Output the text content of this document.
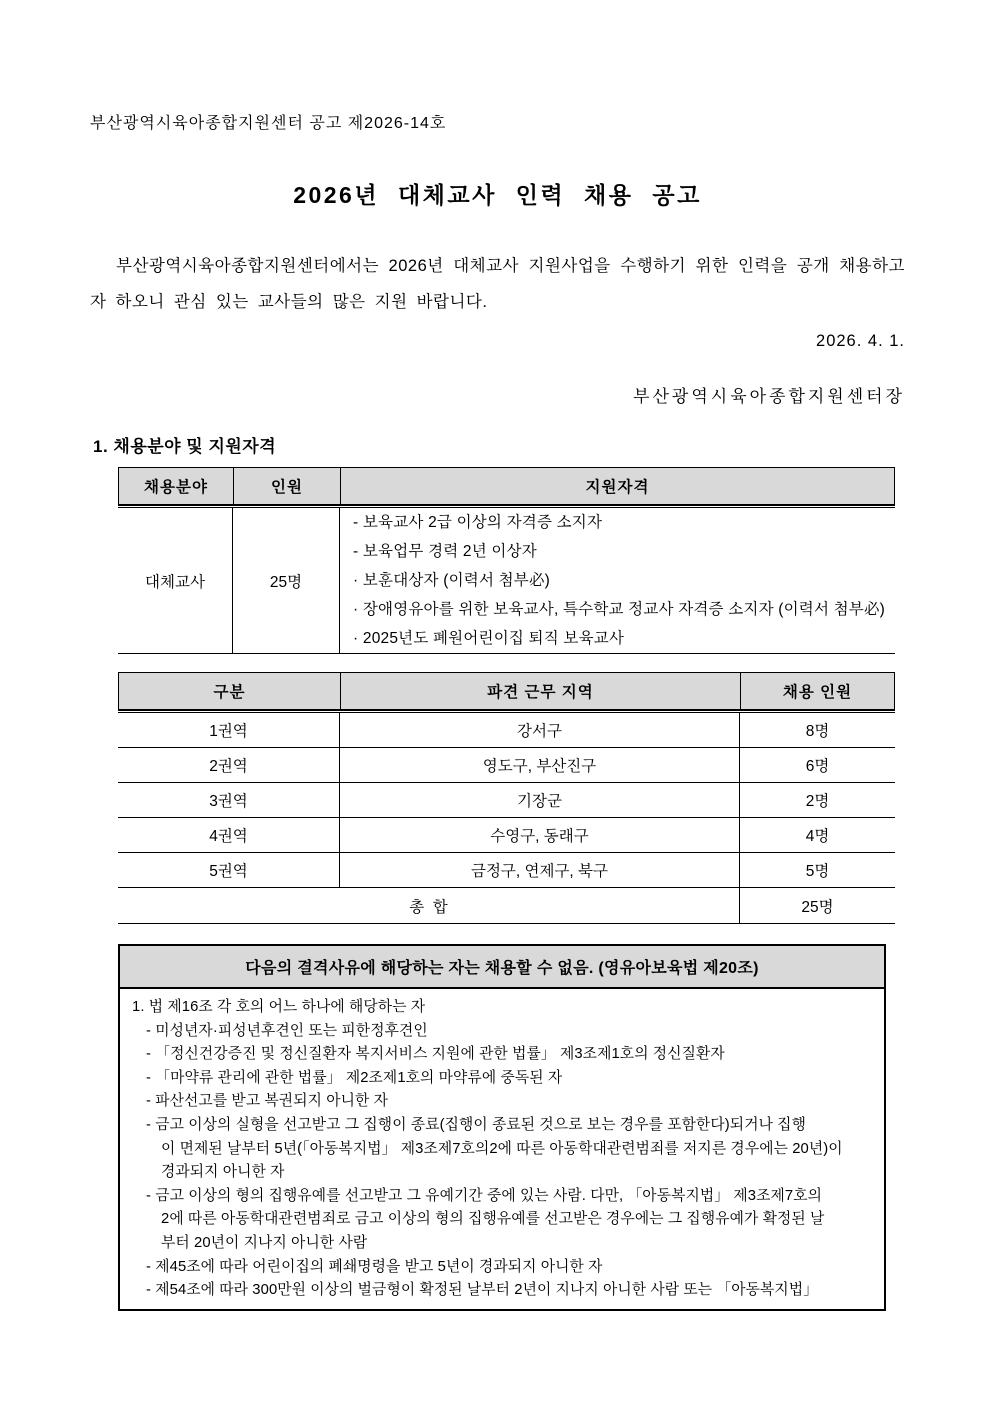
부산광역시육아종합지원센터 공고 제2026-14호
2026년 대체교사 인력 채용 공고
부산광역시육아종합지원센터에서는 2026년 대체교사 지원사업을 수행하기 위한 인력을 공개 채용하고자 하오니 관심 있는 교사들의 많은 지원 바랍니다.
2026. 4. 1.
부산광역시육아종합지원센터장
1. 채용분야 및 지원자격
채용분야	인원	지원자격
대체교사	25명
- 보육교사 2급 이상의 자격증 소지자
- 보육업무 경력 2년 이상자
· 보훈대상자 (이력서 첨부必)
· 장애영유아를 위한 보육교사, 특수학교 정교사 자격증 소지자 (이력서 첨부必)
· 2025년도 폐원어린이집 퇴직 보육교사
구분	파견 근무 지역	채용 인원
1권역	강서구	8명
2권역	영도구, 부산진구	6명
3권역	기장군	2명
4권역	수영구, 동래구	4명
5권역	금정구, 연제구, 북구	5명
총  합	25명
다음의 결격사유에 해당하는 자는 채용할 수 없음. (영유아보육법 제20조)
1. 법 제16조 각 호의 어느 하나에 해당하는 자
- 미성년자·피성년후견인 또는 피한정후견인
- 「정신건강증진 및 정신질환자 복지서비스 지원에 관한 법률」 제3조제1호의 정신질환자
- 「마약류 관리에 관한 법률」 제2조제1호의 마약류에 중독된 자
- 파산선고를 받고 복권되지 아니한 자
- 금고 이상의 실형을 선고받고 그 집행이 종료(집행이 종료된 것으로 보는 경우를 포함한다)되거나 집행
이 면제된 날부터 5년(「아동복지법」 제3조제7호의2에 따른 아동학대관련범죄를 저지른 경우에는 20년)이
경과되지 아니한 자
- 금고 이상의 형의 집행유예를 선고받고 그 유예기간 중에 있는 사람. 다만, 「아동복지법」 제3조제7호의
2에 따른 아동학대관련범죄로 금고 이상의 형의 집행유예를 선고받은 경우에는 그 집행유예가 확정된 날
부터 20년이 지나지 아니한 사람
- 제45조에 따라 어린이집의 폐쇄명령을 받고 5년이 경과되지 아니한 자
- 제54조에 따라 300만원 이상의 벌금형이 확정된 날부터 2년이 지나지 아니한 사람 또는 「아동복지법」
